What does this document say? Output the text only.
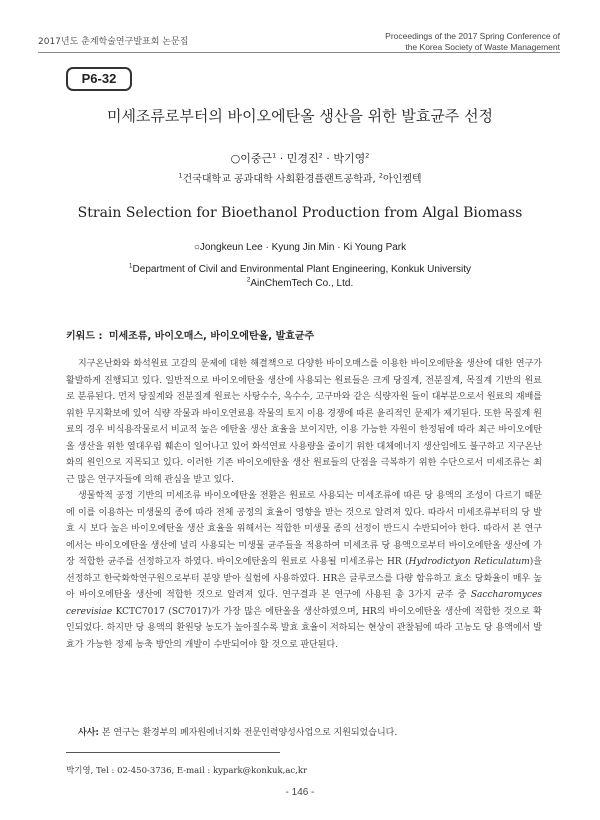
2017년도 춘계학술연구발표회 논문집
Proceedings of the 2017 Spring Conference of
the Korea Society of Waste Management
P6-32
미세조류로부터의 바이오에탄올 생산을 위한 발효균주 선정
○이중근$^1$ · 민경진$^2$ · 박기영$^2$
$^1$건국대학교 공과대학 사회환경플랜트공학과, $^2$아인켐텍
Strain Selection for Bioethanol Production from Algal Biomass
○Jongkeun Lee · Kyung Jin Min · Ki Young Park
$^1$Department of Civil and Environmental Plant Engineering, Konkuk University
$^2$AinChemTech Co., Ltd.
키워드 : 미세조류, 바이오매스, 바이오에탄올, 발효균주

지구온난화와 화석원료 고갈의 문제에 대한 해결책으로 다양한 바이오매스를 이용한 바이오에탄올 생산에 대한 연구가 활발하게 진행되고 있다. 일반적으로 바이오에탄올 생산에 사용되는 원료들은 크게 당질계, 전분질계, 목질계 기반의 원료로 분류된다. 먼저 당질계와 전분질계 원료는 사탕수수, 옥수수, 고구마와 같은 식량자원 들이 대부분으로서 원료의 재배를 위한 무지확보에 있어 식량 작물과 바이오연료용 작물의 토지 이용 경쟁에 따른 윤리적인 문제가 제기된다. 또한 목질계 원료의 경우 비식용작물로서 비교적 높은 에탄올 생산 효율을 보이지만, 이용 가능한 자원이 한정됨에 따라 최근 바이오에탄올 생산을 위한 열대우림 훼손이 일어나고 있어 화석연료 사용량을 줄이기 위한 대체에너지 생산임에도 불구하고 지구온난화의 원인으로 지목되고 있다. 이러한 기존 바이오에탄올 생산 원료들의 단점을 극복하기 위한 수단으로서 미세조류는 최근 많은 연구자들에 의해 관심을 받고 있다.

생물학적 공정 기반의 미세조류 바이오에탄올 전환은 원료로 사용되는 미세조류에 따른 당 용액의 조성이 다르기 때문에 이를 이용하는 미생물의 종에 따라 전체 공정의 효율이 영향을 받는 것으로 알려져 있다. 따라서 미세조류부터의 당 발효 시 보다 높은 바이오에탄올 생산 효율을 위해서는 적합한 미생물 종의 선정이 반드시 수반되어야 한다. 따라서 본 연구에서는 바이오에탄올 생산에 널리 사용되는 미생물 균주들을 적용하여 미세조류 당 용액으로부터 바이오에탄올 생산에 가장 적합한 균주를 선정하고자 하였다. 바이오에탄올의 원료로 사용될 미세조류는 HR (Hydrodictyon Reticulatum)을 선정하고 한국화학연구원으로부터 분양 받아 실험에 사용하였다. HR은 글루코스를 다량 함유하고 효소 당화율이 매우 높아 바이오에탄올 생산에 적합한 것으로 알려져 있다. 연구결과 본 연구에 사용된 총 3가지 균주 중 Saccharomyces cerevisiae KCTC7017 (SC7017)가 가장 많은 에탄올을 생산하였으며, HR의 바이오에탄올 생산에 적합한 것으로 확인되었다. 하지만 당 용액의 환원당 농도가 높아질수록 발효 효율이 저하되는 현상이 관찰됨에 따라 고농도 당 용액에서 발효가 가능한 정제 농축 방안의 개발이 수반되어야 할 것으로 판단된다.

사사: 본 연구는 환경부의 폐자원에너지화 전문인력양성사업으로 지원되었습니다.
박기영, Tel : 02-450-3736, E-mail : kypark@konkuk,ac,kr
- 146 -
